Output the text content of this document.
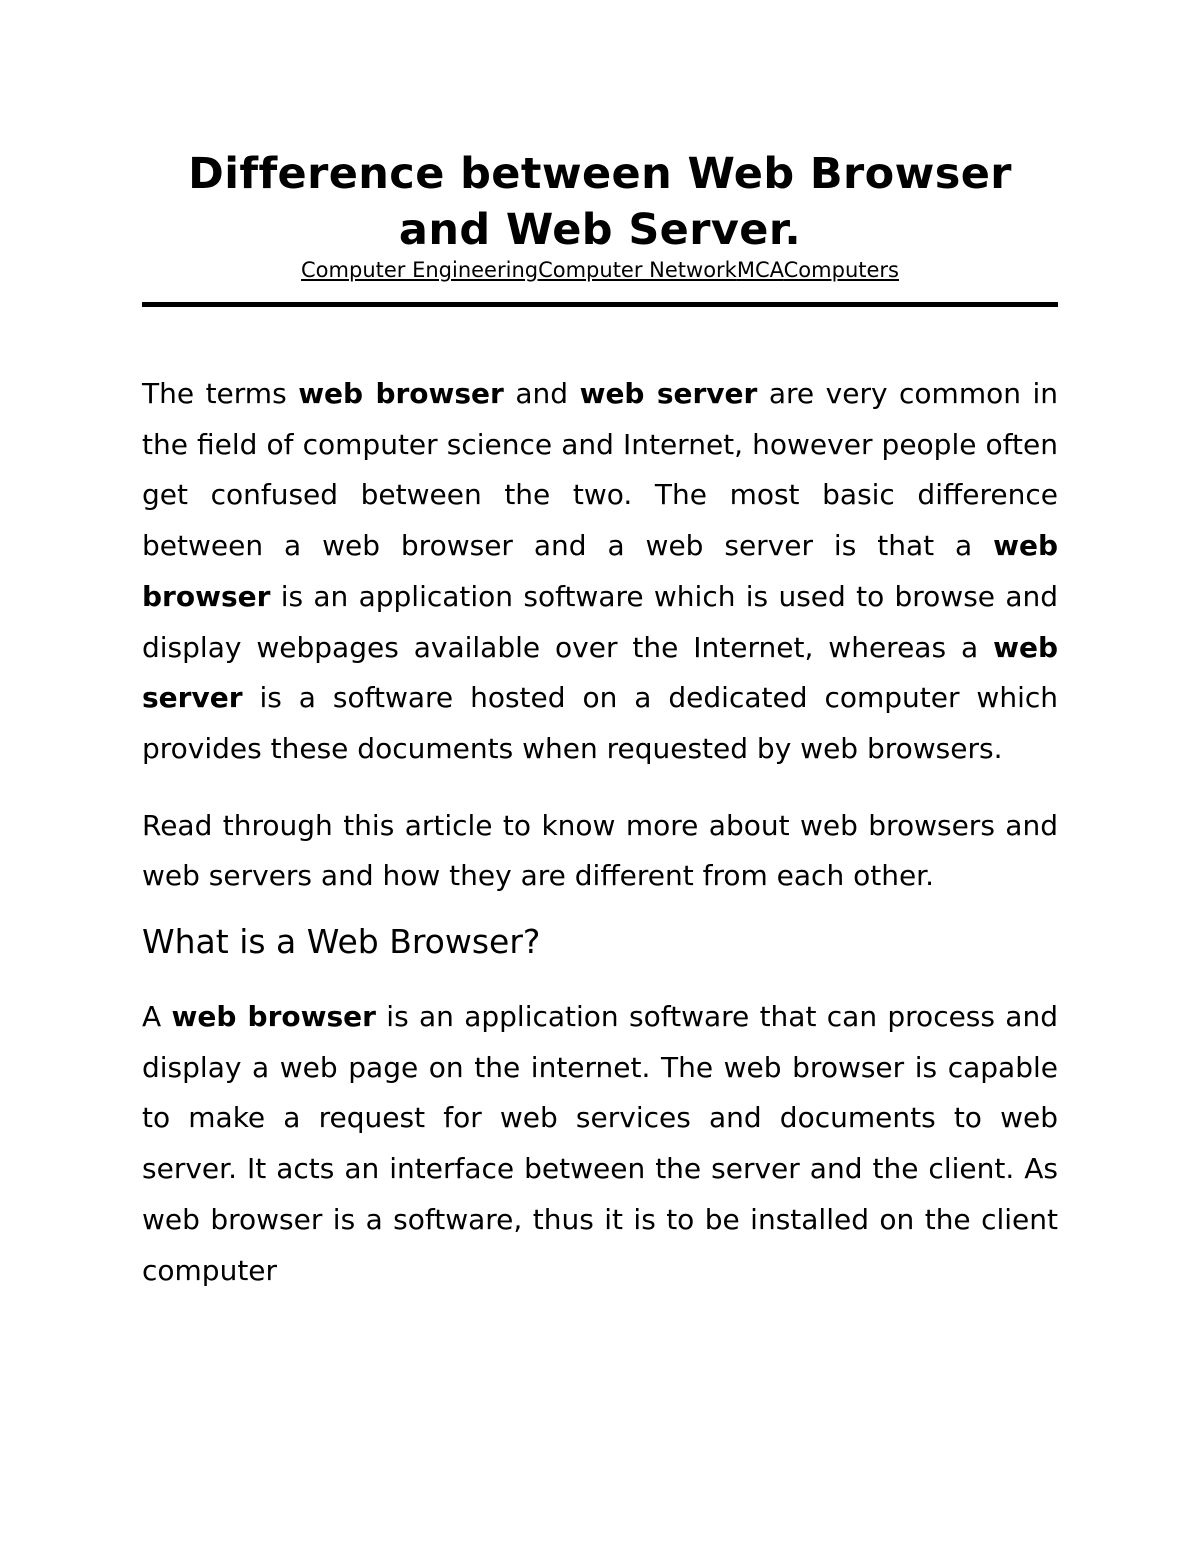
Difference between Web Browser
and Web Server.
Computer EngineeringComputer NetworkMCAComputers

The terms web browser and web server are very common in the field of computer science and Internet, however people often get confused between the two. The most basic difference between a web browser and a web server is that a web browser is an application software which is used to browse and display webpages available over the Internet, whereas a web server is a software hosted on a dedicated computer which provides these documents when requested by web browsers.

Read through this article to know more about web browsers and web servers and how they are different from each other.

What is a Web Browser?

A web browser is an application software that can process and display a web page on the internet. The web browser is capable to make a request for web services and documents to web server. It acts an interface between the server and the client. As web browser is a software, thus it is to be installed on the client computer
